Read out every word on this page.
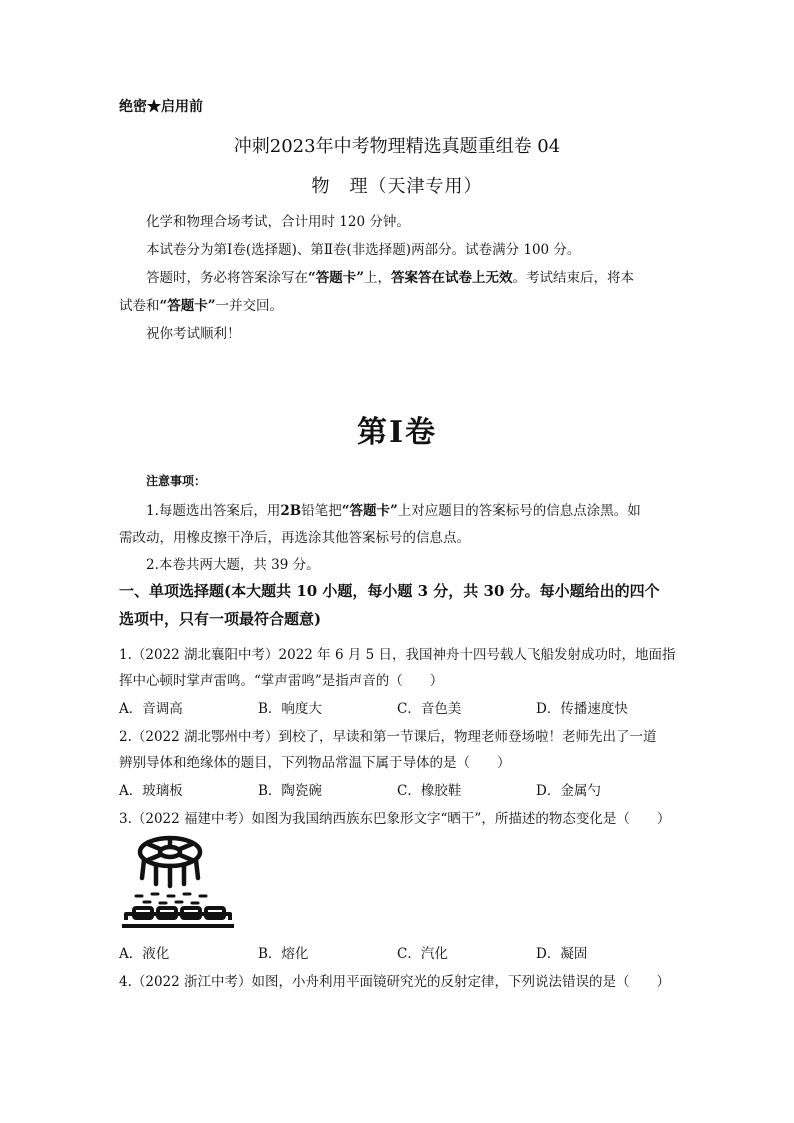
绝密★启用前
冲刺2023年中考物理精选真题重组卷 04
物　理（天津专用）
化学和物理合场考试，合计用时 120 分钟。
本试卷分为第Ⅰ卷(选择题)、第Ⅱ卷(非选择题)两部分。试卷满分 100 分。
答题时，务必将答案涂写在“答题卡”上，答案答在试卷上无效。考试结束后，将本
试卷和“答题卡”一并交回。
祝你考试顺利！
第Ⅰ卷
注意事项：
1.每题选出答案后，用2B铅笔把“答题卡”上对应题目的答案标号的信息点涂黑。如
需改动，用橡皮擦干净后，再选涂其他答案标号的信息点。
2.本卷共两大题，共 39 分。
一、单项选择题(本大题共 10 小题，每小题 3 分，共 30 分。每小题给出的四个
选项中，只有一项最符合题意)
1.（2022 湖北襄阳中考）2022 年 6 月 5 日，我国神舟十四号载人飞船发射成功时，地面指
挥中心顿时掌声雷鸣。“掌声雷鸣”是指声音的（　　）
A．音调高	B．响度大	C．音色美	D．传播速度快
2.（2022 湖北鄂州中考）到校了，早读和第一节课后，物理老师登场啦！老师先出了一道
辨别导体和绝缘体的题目，下列物品常温下属于导体的是（　　）
A．玻璃板	B．陶瓷碗	C．橡胶鞋	D．金属勺
3.（2022 福建中考）如图为我国纳西族东巴象形文字“晒干”，所描述的物态变化是（　　）
A．液化	B．熔化	C．汽化	D．凝固
4.（2022 浙江中考）如图，小舟利用平面镜研究光的反射定律，下列说法错误的是（　　）
